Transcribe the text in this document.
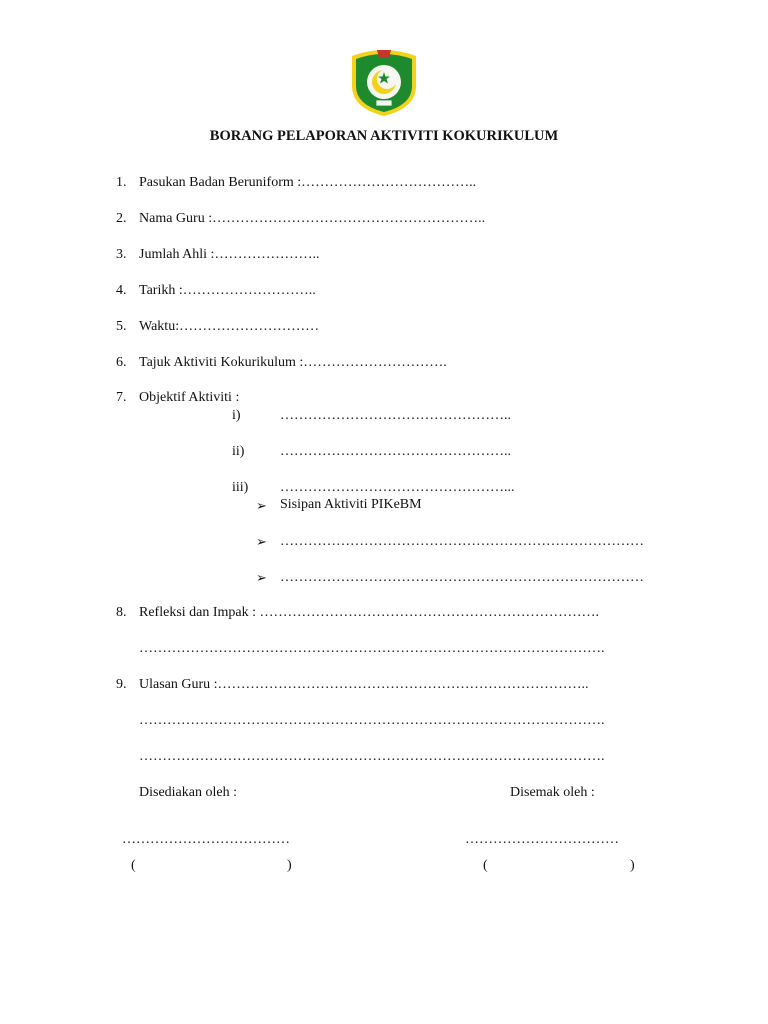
BORANG PELAPORAN AKTIVITI KOKURIKULUM
1. Pasukan Badan Beruniform :………………………………..
2. Nama Guru :…………………………………………………..
3. Jumlah Ahli :…………………..
4. Tarikh :………………………..
5. Waktu:…………………………
6. Tajuk Aktiviti Kokurikulum :………………………….
7. Objektif Aktiviti :
i)	…………………………………………..
ii)	…………………………………………..
iii) …………………………………………...
➢ Sisipan Aktiviti PIKeBM
➢ ……………………………………………………………………
➢ ……………………………………………………………………
8. Refleksi dan Impak : ……………………………………………………………….
……………………………………………………………………………………….
9. Ulasan Guru :……………………………………………………………………..
……………………………………………………………………………………….
……………………………………………………………………………………….
Disediakan oleh :	Disemak oleh :
………………………………	……………………………
(	)	(	)
